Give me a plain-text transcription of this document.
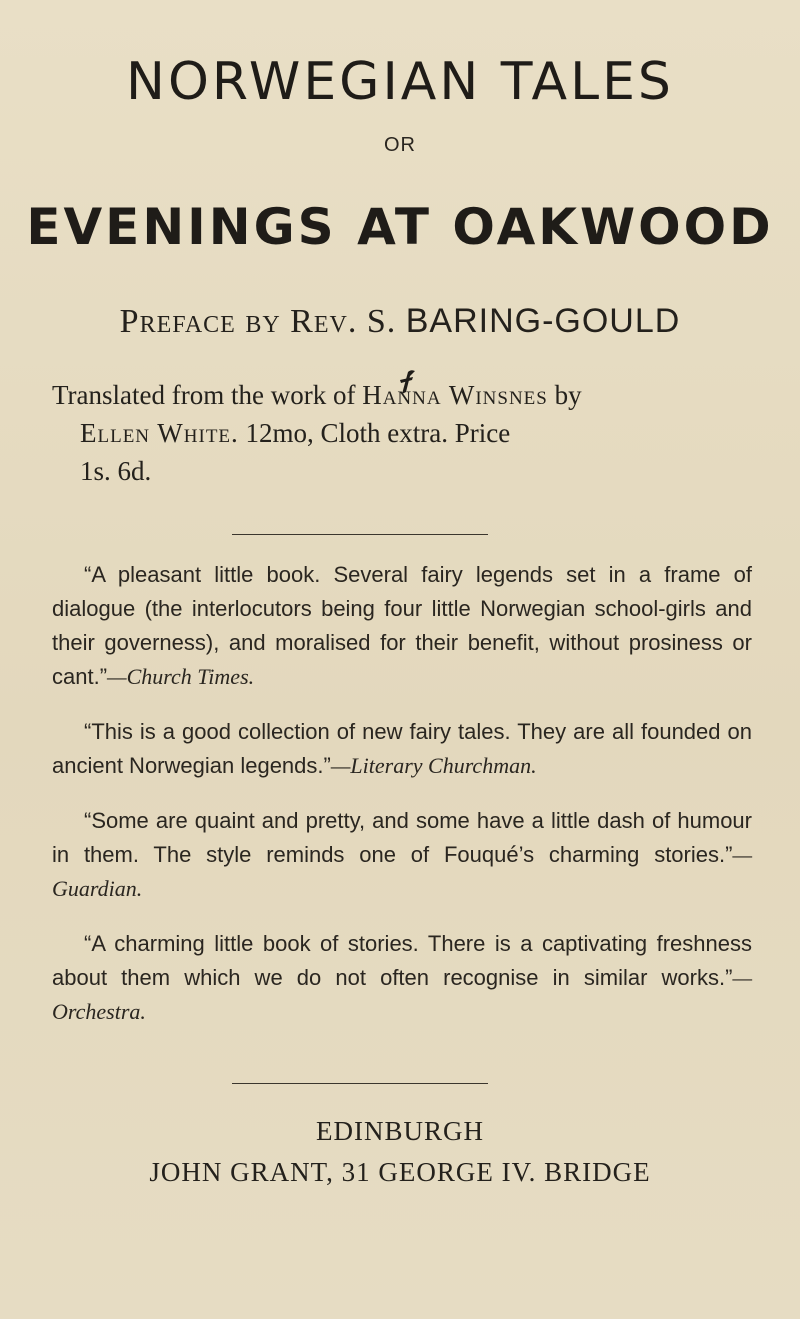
NORWEGIAN TALES
OR
EVENINGS AT OAKWOOD
Preface by Rev. S. BARING-GOULD
Translated from the work of Hanna Winsnes by
Ellen White. 12mo, Cloth extra. Price
1s. 6d.

“A pleasant little book. Several fairy legends set in a frame of dialogue (the interlocutors being four little Norwegian school-girls and their governess), and moralised for their benefit, without prosiness or cant.”—Church Times.

“This is a good collection of new fairy tales. They are all founded on ancient Norwegian legends.”—Literary Churchman.

“Some are quaint and pretty, and some have a little dash of humour in them. The style reminds one of Fouqué’s charming stories.”—Guardian.

“A charming little book of stories. There is a captivating freshness about them which we do not often recognise in similar works.”—Orchestra.

EDINBURGH
JOHN GRANT, 31 GEORGE IV. BRIDGE
